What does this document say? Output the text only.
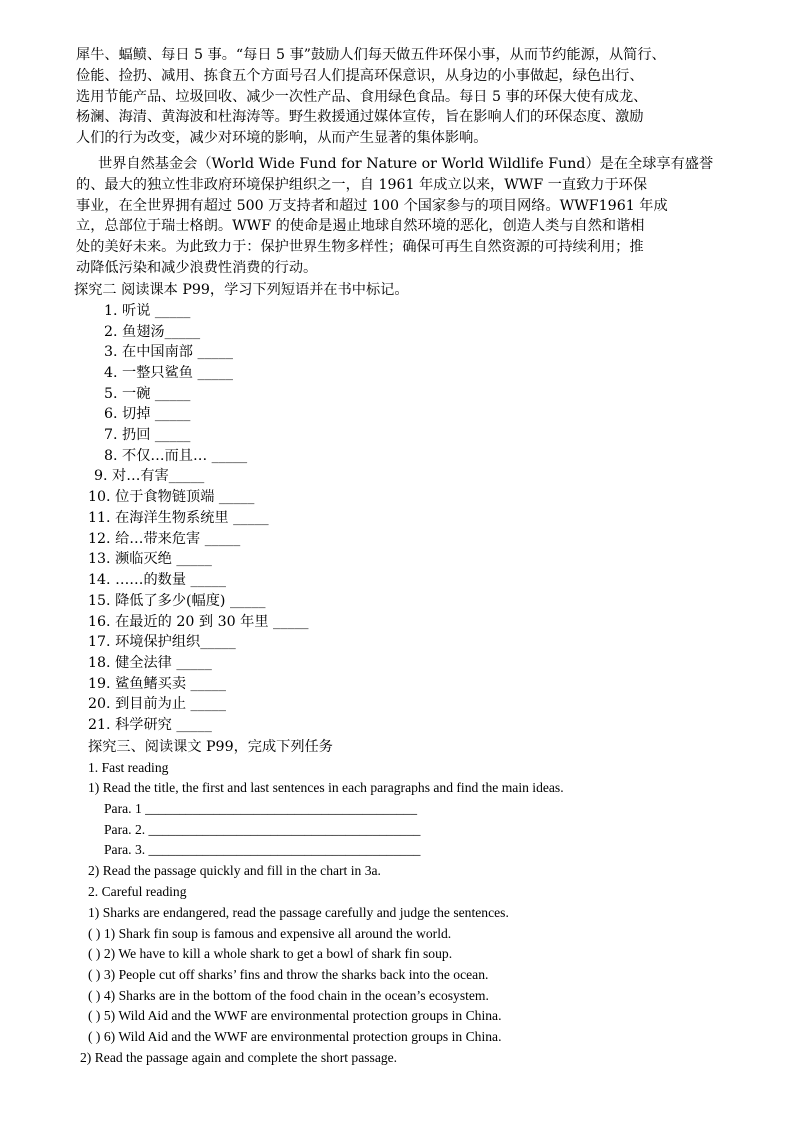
犀牛、蝠鲼、每日 5 事。“每日 5 事”鼓励人们每天做五件环保小事，从而节约能源，从简行、
俭能、捡扔、减用、拣食五个方面号召人们提高环保意识，从身边的小事做起，绿色出行、
选用节能产品、垃圾回收、减少一次性产品、食用绿色食品。每日 5 事的环保大使有成龙、
杨澜、海清、黄海波和杜海涛等。野生救援通过媒体宣传，旨在影响人们的环保态度、激励
人们的行为改变，减少对环境的影响，从而产生显著的集体影响。
世界自然基金会（World Wide Fund for Nature or World Wildlife Fund）是在全球享有盛誉
的、最大的独立性非政府环境保护组织之一，自 1961 年成立以来，WWF 一直致力于环保
事业，在全世界拥有超过 500 万支持者和超过 100 个国家参与的项目网络。WWF1961 年成
立，总部位于瑞士格朗。WWF 的使命是遏止地球自然环境的恶化，创造人类与自然和谐相
处的美好未来。为此致力于：保护世界生物多样性；确保可再生自然资源的可持续利用；推
动降低污染和减少浪费性消费的行动。
探究二 阅读课本 P99，学习下列短语并在书中标记。
1. 听说 _____
2. 鱼翅汤_____
3. 在中国南部 _____
4. 一整只鲨鱼 _____
5. 一碗 _____
6. 切掉 _____
7. 扔回 _____
8. 不仅…而且… _____
9. 对…有害_____
10. 位于食物链顶端 _____
11. 在海洋生物系统里 _____
12. 给…带来危害 _____
13. 濒临灭绝 _____
14. ……的数量 _____
15. 降低了多少(幅度) _____
16. 在最近的 20 到 30 年里 _____
17. 环境保护组织_____
18. 健全法律 _____
19. 鲨鱼鳍买卖 _____
20. 到目前为止 _____
21. 科学研究 _____
探究三、阅读课文 P99，完成下列任务
1. Fast reading
1) Read the title, the first and last sentences in each paragraphs and find the main ideas.
Para. 1 ________________________________________
Para. 2. ________________________________________
Para. 3. ________________________________________
2) Read the passage quickly and fill in the chart in 3a.
2. Careful reading
1) Sharks are endangered, read the passage carefully and judge the sentences.
( ) 1) Shark fin soup is famous and expensive all around the world.
( ) 2) We have to kill a whole shark to get a bowl of shark fin soup.
( ) 3) People cut off sharks’ fins and throw the sharks back into the ocean.
( ) 4) Sharks are in the bottom of the food chain in the ocean’s ecosystem.
( ) 5) Wild Aid and the WWF are environmental protection groups in China.
( ) 6) Wild Aid and the WWF are environmental protection groups in China.
2) Read the passage again and complete the short passage.
